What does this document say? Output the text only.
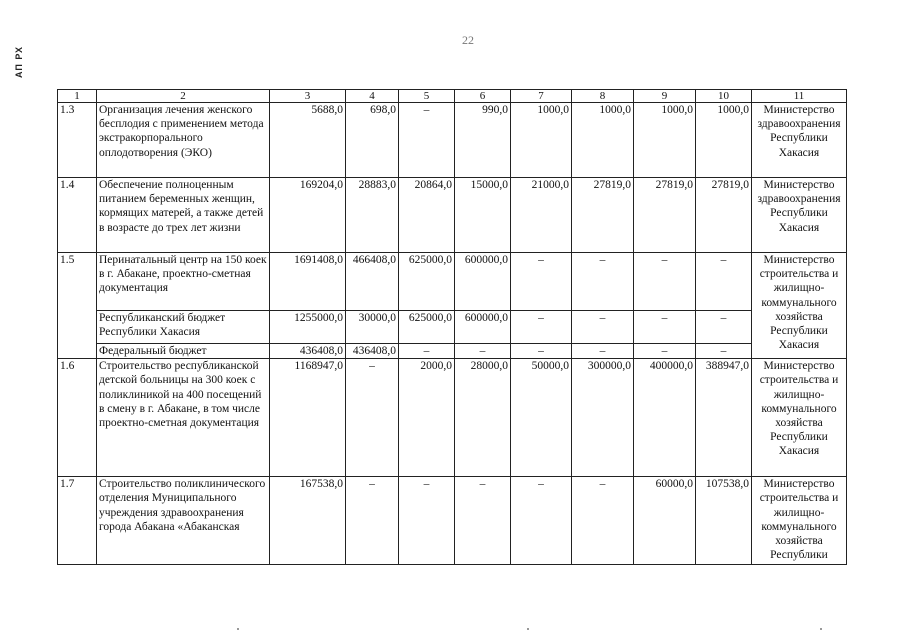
АП РХ
22
1	2	3	4	5	6	7	8	9	10	11
1.3	Организация лечения женского бесплодия с применением метода экстракорпорального оплодотворения (ЭКО)	5688,0	698,0	–	990,0	1000,0	1000,0	1000,0	1000,0	Министерство здравоохранения Республики Хакасия
1.4	Обеспечение полноценным питанием беременных женщин, кормящих матерей, а также детей в возрасте до трех лет жизни	169204,0	28883,0	20864,0	15000,0	21000,0	27819,0	27819,0	27819,0	Министерство здравоохранения Республики Хакасия
1.5	Перинатальный центр на 150 коек в г. Абакане, проектно-сметная документация	1691408,0	466408,0	625000,0	600000,0	–	–	–	–	Министерство строительства и жилищно-коммунального хозяйства Республики Хакасия
	Республиканский бюджет Республики Хакасия	1255000,0	30000,0	625000,0	600000,0	–	–	–	–	
	Федеральный бюджет	436408,0	436408,0	–	–	–	–	–	–	
1.6	Строительство республиканской детской больницы на 300 коек с поликлиникой на 400 посещений в смену в г. Абакане, в том числе проектно-сметная документация	1168947,0	–	2000,0	28000,0	50000,0	300000,0	400000,0	388947,0	Министерство строительства и жилищно-коммунального хозяйства Республики Хакасия
1.7	Строительство поликлинического отделения Муниципального учреждения здравоохранения города Абакана «Абаканская	167538,0	–	–	–	–	–	60000,0	107538,0	Министерство строительства и жилищно-коммунального хозяйства Республики
